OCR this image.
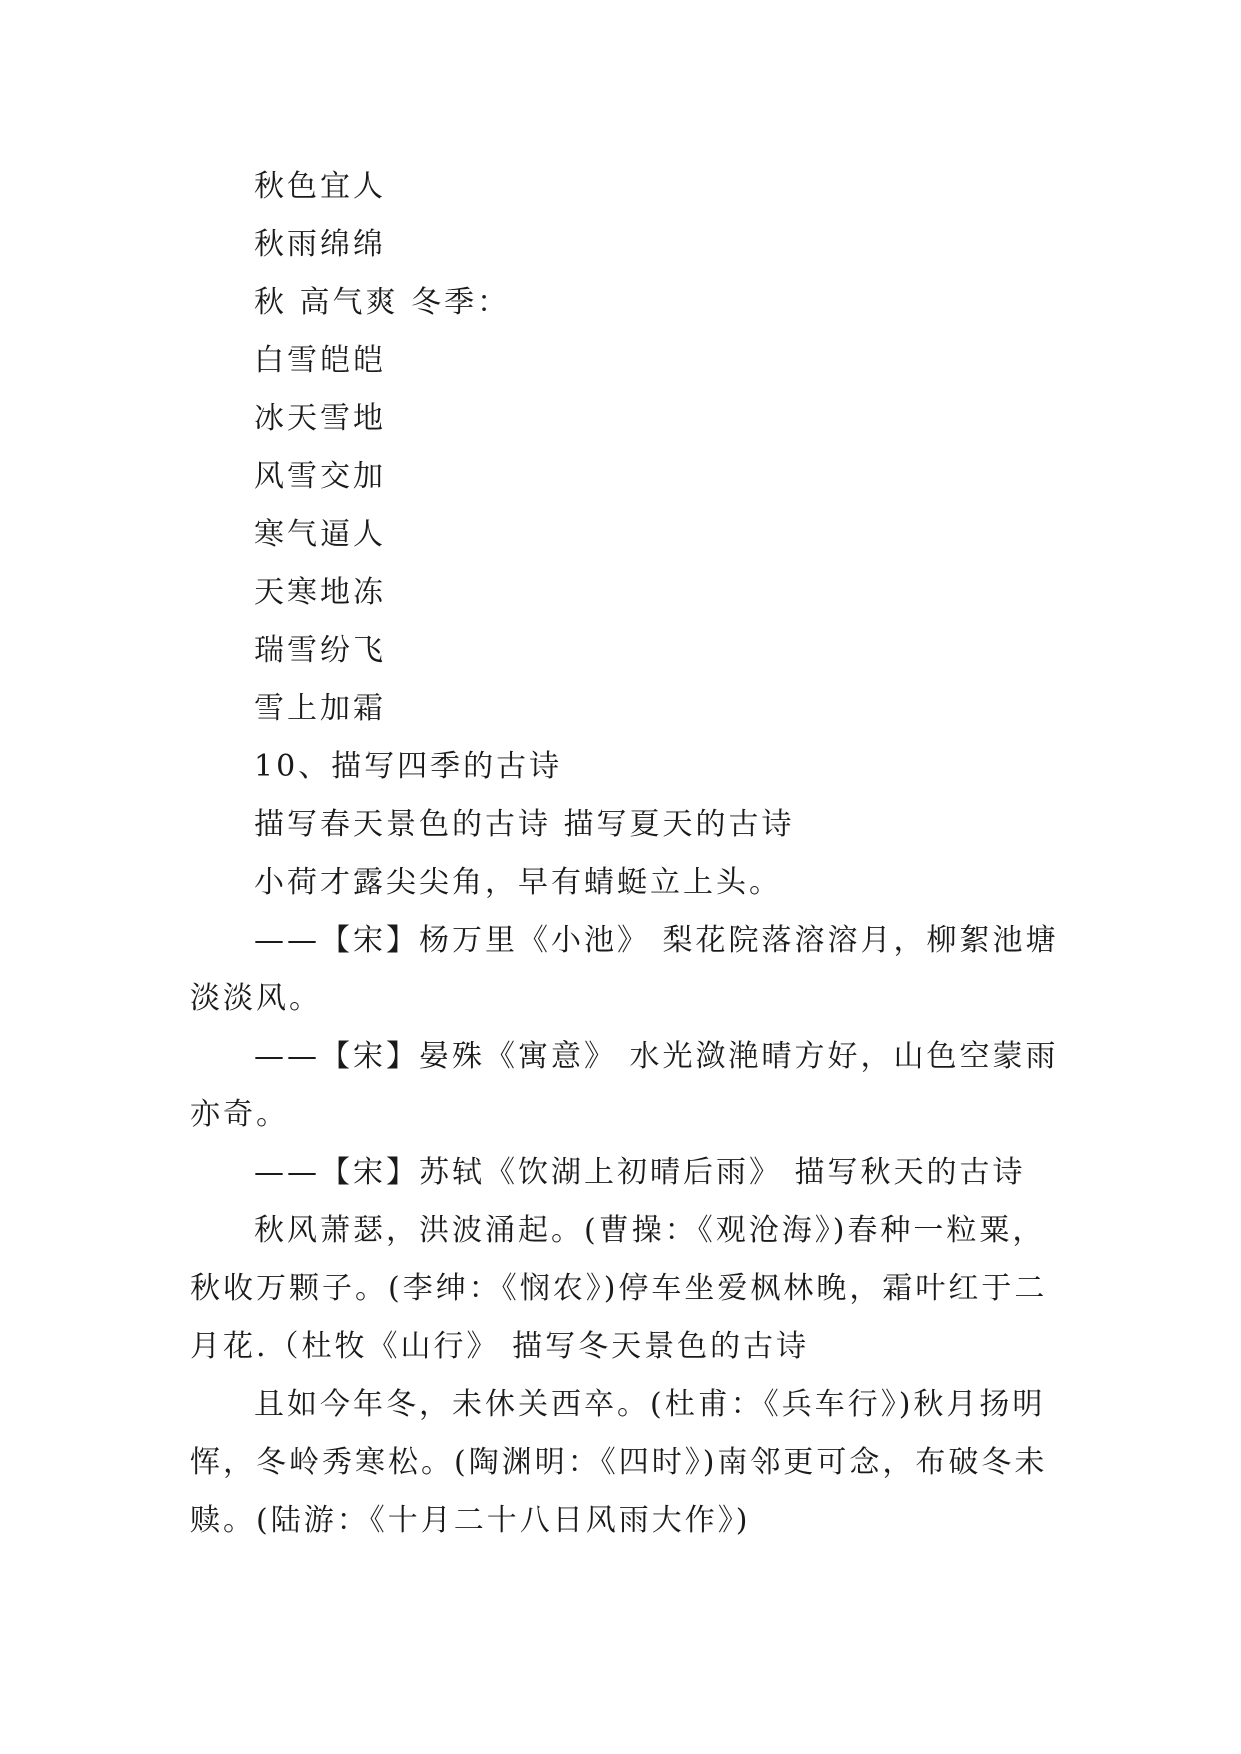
秋色宜人

秋雨绵绵

秋 高气爽 冬季：

白雪皑皑

冰天雪地

风雪交加

寒气逼人

天寒地冻

瑞雪纷飞

雪上加霜

10、描写四季的古诗

描写春天景色的古诗 描写夏天的古诗

小荷才露尖尖角，早有蜻蜓立上头。

——【宋】杨万里《小池》 梨花院落溶溶月，柳絮池塘淡淡风。

——【宋】晏殊《寓意》 水光潋滟晴方好，山色空蒙雨亦奇。

——【宋】苏轼《饮湖上初晴后雨》 描写秋天的古诗

秋风萧瑟，洪波涌起。(曹操：《观沧海》)春种一粒粟，秋收万颗子。(李绅：《悯农》)停车坐爱枫林晚，霜叶红于二月花.（杜牧《山行》 描写冬天景色的古诗

且如今年冬，未休关西卒。(杜甫：《兵车行》)秋月扬明恽，冬岭秀寒松。(陶渊明：《四时》)南邻更可念，布破冬未赎。(陆游：《十月二十八日风雨大作》)
